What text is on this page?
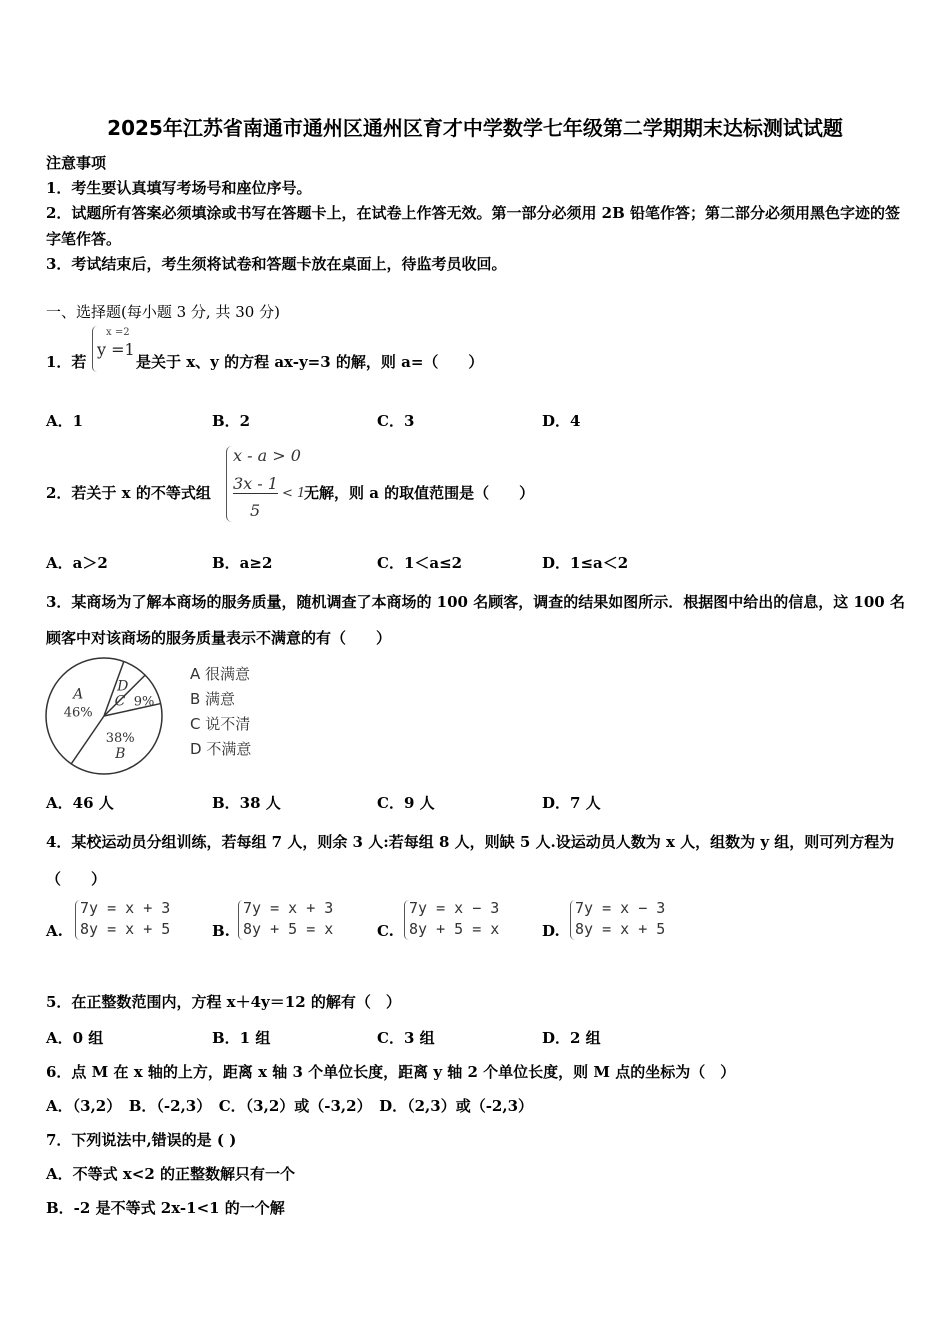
2025年江苏省南通市通州区通州区育才中学数学七年级第二学期期末达标测试试题
注意事项
1．考生要认真填写考场号和座位序号。
2．试题所有答案必须填涂或书写在答题卡上，在试卷上作答无效。第一部分必须用 2B 铅笔作答；第二部分必须用黑色字迹的签字笔作答。
3．考试结束后，考生须将试卷和答题卡放在桌面上，待监考员收回。
一、选择题(每小题 3 分, 共 30 分)
1．若
x =2
y =1
是关于 x、y 的方程 ax-y=3 的解，则 a=（　　）
A．1	B．2	C．3	D．4
2．若关于 x 的不等式组
x - a > 0
3x - 1
5
< 1
无解，则 a 的取值范围是（　　）
A．a＞2	B．a≥2	C．1＜a≤2	D．1≤a＜2
3．某商场为了解本商场的服务质量，随机调查了本商场的 100 名顾客，调查的结果如图所示．根据图中给出的信息，这 100 名顾客中对该商场的服务质量表示不满意的有（　　）
D
C 9%
B
38%
A
46%
A 很满意
B 满意
C 说不清
D 不满意
A．46 人	B．38 人	C．9 人	D．7 人
4．某校运动员分组训练，若每组 7 人，则余 3 人:若每组 8 人，则缺 5 人.设运动员人数为 x 人，组数为 y 组，则可列方程为（　　）
A.
7y = x + 3
8y = x + 5	B.
7y = x + 3
8y + 5 = x	C.
7y = x − 3
8y + 5 = x	D.
7y = x − 3
8y = x + 5
5．在正整数范围内，方程 x＋4y＝12 的解有（　）
A．0 组	B．1 组	C．3 组	D．2 组
6．点 M 在 x 轴的上方，距离 x 轴 3 个单位长度，距离 y 轴 2 个单位长度，则 M 点的坐标为（　）
A．（3,2）　B．（-2,3）　C．（3,2）或（-3,2）　D．（2,3）或（-2,3）
7．下列说法中,错误的是 ( )
A．不等式 x<2 的正整数解只有一个
B．-2 是不等式 2x-1<1 的一个解
